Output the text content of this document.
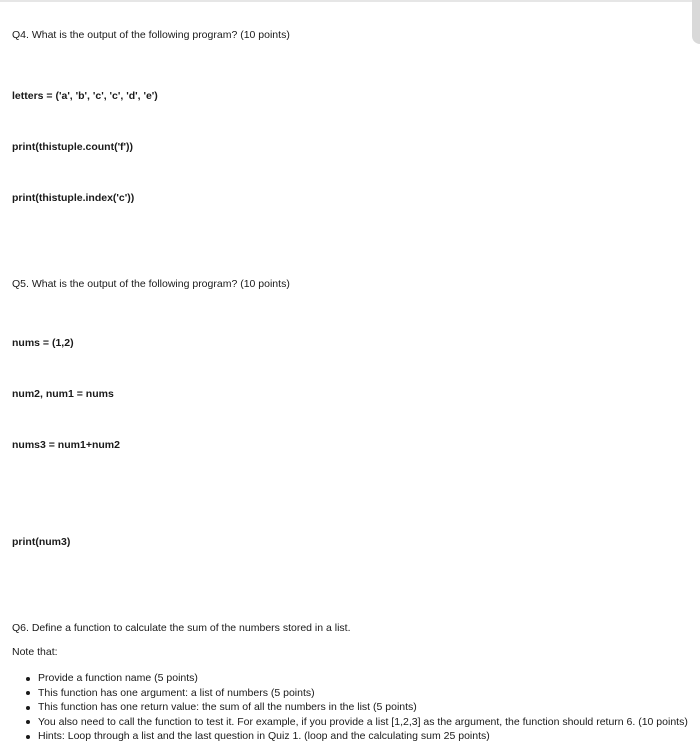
Q4. What is the output of the following program? (10 points)

letters = ('a', 'b', 'c', 'c', 'd', 'e')

print(thistuple.count('f'))

print(thistuple.index('c'))

Q5. What is the output of the following program? (10 points)

nums = (1,2)

num2, num1 = nums

nums3 = num1+num2

print(num3)

Q6. Define a function to calculate the sum of the numbers stored in a list.

Note that:

Provide a function name (5 points)
This function has one argument: a list of numbers (5 points)
This function has one return value: the sum of all the numbers in the list (5 points)
You also need to call the function to test it. For example, if you provide a list [1,2,3] as the argument, the function should return 6. (10 points)
Hints: Loop through a list and the last question in Quiz 1. (loop and the calculating sum 25 points)
